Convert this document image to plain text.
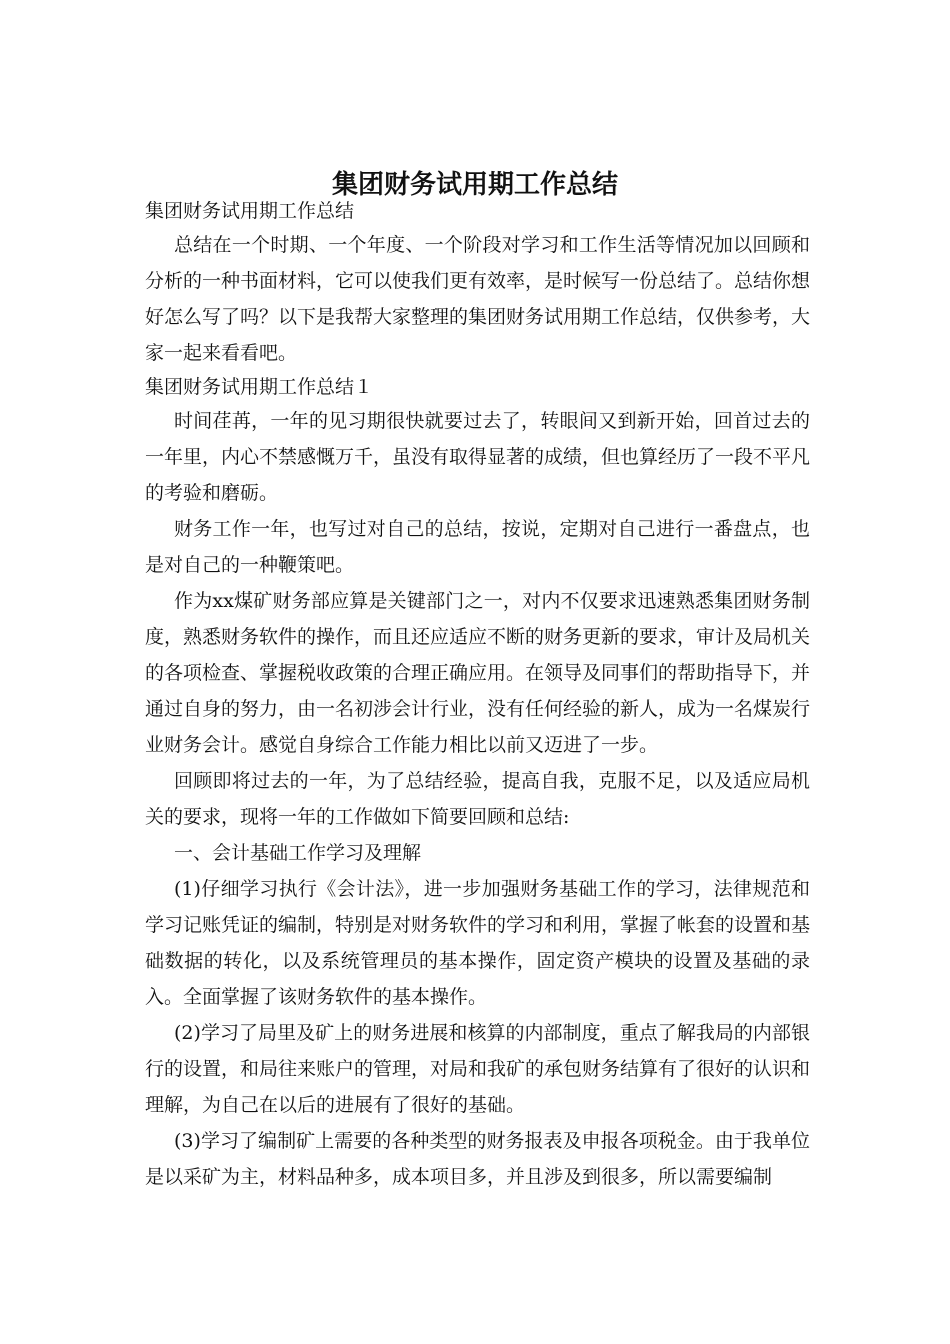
集团财务试用期工作总结

集团财务试用期工作总结

总结在一个时期、一个年度、一个阶段对学习和工作生活等情况加以回顾和分析的一种书面材料，它可以使我们更有效率，是时候写一份总结了。总结你想好怎么写了吗？以下是我帮大家整理的集团财务试用期工作总结，仅供参考，大家一起来看看吧。

集团财务试用期工作总结１

时间荏苒，一年的见习期很快就要过去了，转眼间又到新开始，回首过去的一年里，内心不禁感慨万千，虽没有取得显著的成绩，但也算经历了一段不平凡的考验和磨砺。

财务工作一年，也写过对自己的总结，按说，定期对自己进行一番盘点，也是对自己的一种鞭策吧。

作为xx煤矿财务部应算是关键部门之一，对内不仅要求迅速熟悉集团财务制度，熟悉财务软件的操作，而且还应适应不断的财务更新的要求，审计及局机关的各项检查、掌握税收政策的合理正确应用。在领导及同事们的帮助指导下，并通过自身的努力，由一名初涉会计行业，没有任何经验的新人，成为一名煤炭行业财务会计。感觉自身综合工作能力相比以前又迈进了一步。

回顾即将过去的一年，为了总结经验，提高自我，克服不足，以及适应局机关的要求，现将一年的工作做如下简要回顾和总结:

一、会计基础工作学习及理解

(1)仔细学习执行《会计法》，进一步加强财务基础工作的学习，法律规范和学习记账凭证的编制，特别是对财务软件的学习和利用，掌握了帐套的设置和基础数据的转化，以及系统管理员的基本操作，固定资产模块的设置及基础的录入。全面掌握了该财务软件的基本操作。

(2)学习了局里及矿上的财务进展和核算的内部制度，重点了解我局的内部银行的设置，和局往来账户的管理，对局和我矿的承包财务结算有了很好的认识和理解，为自己在以后的进展有了很好的基础。

(3)学习了编制矿上需要的各种类型的财务报表及申报各项税金。由于我单位是以采矿为主，材料品种多，成本项目多，并且涉及到很多，所以需要编制
